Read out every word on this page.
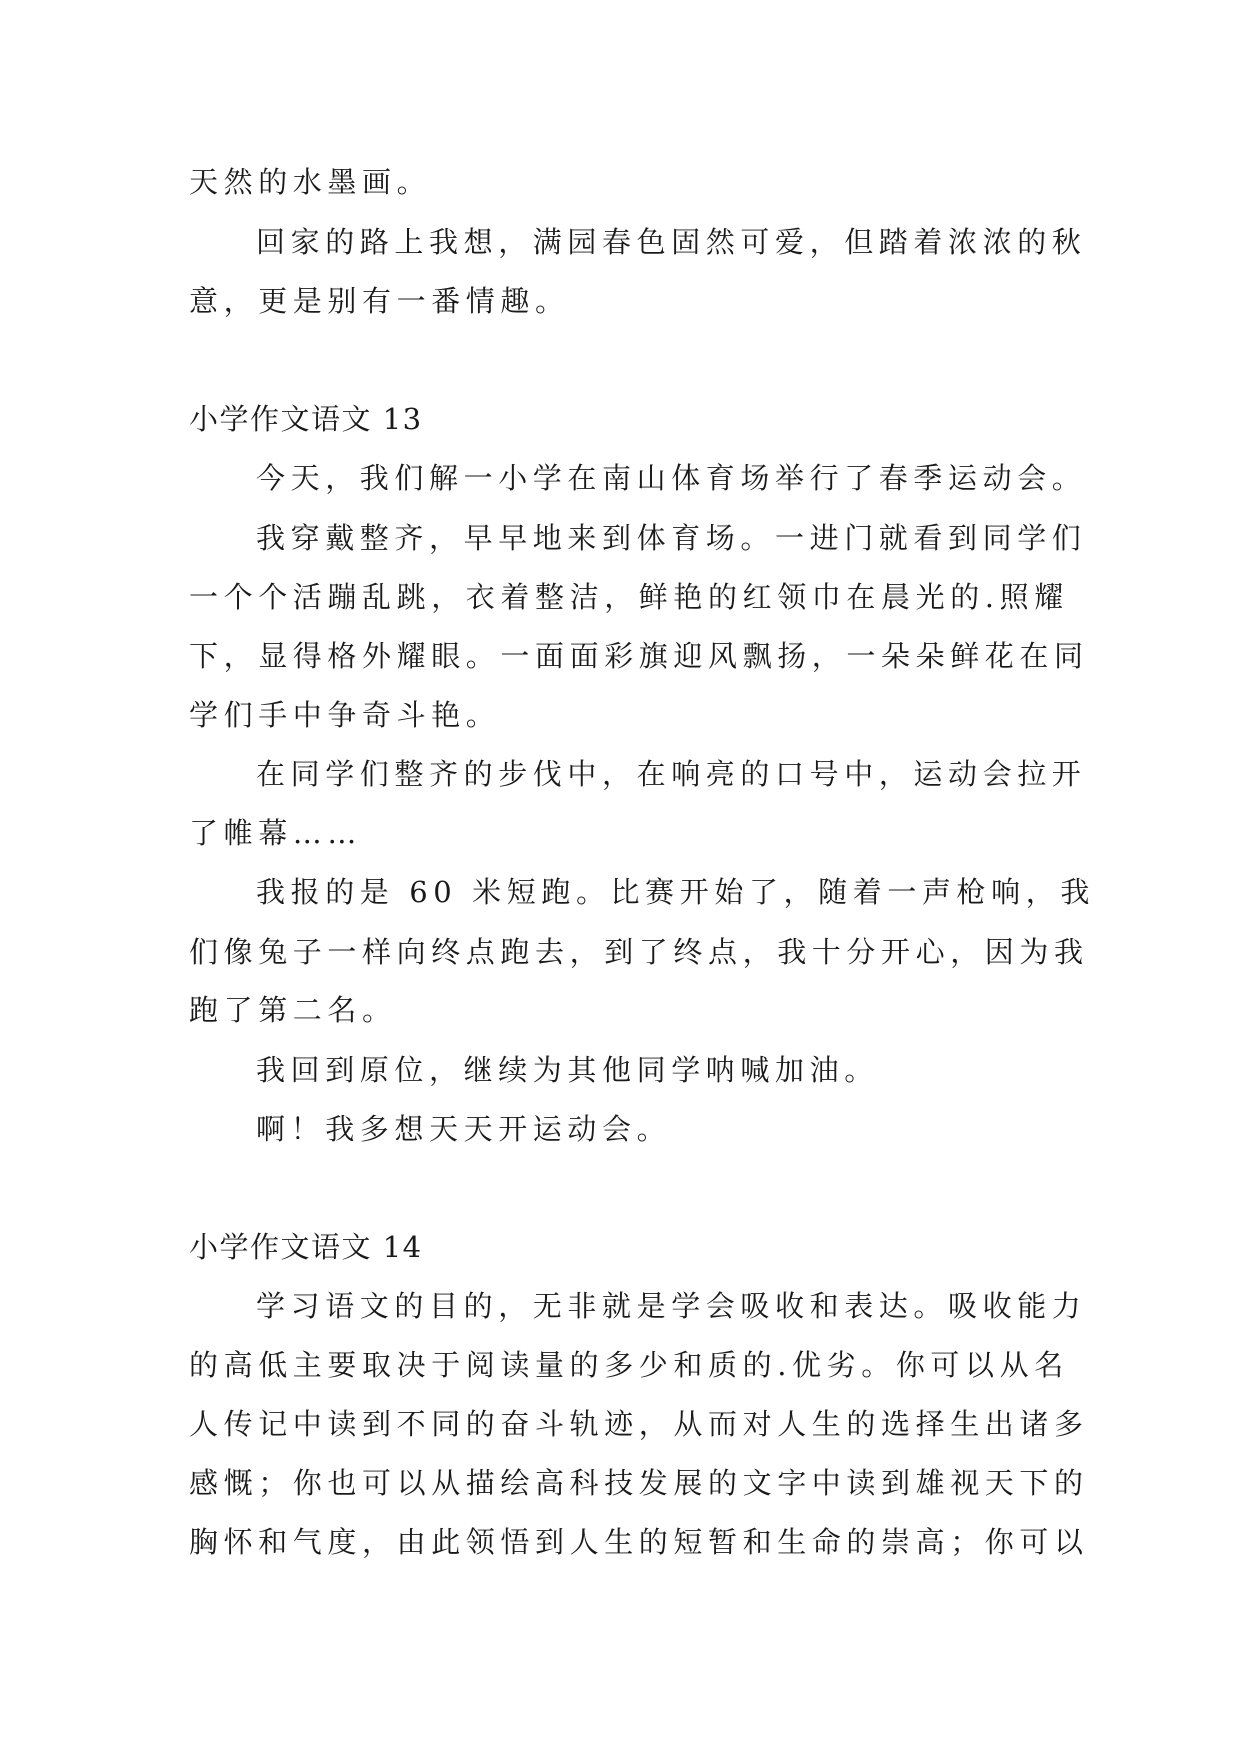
天然的水墨画。
回家的路上我想，满园春色固然可爱，但踏着浓浓的秋
意，更是别有一番情趣。
小学作文语文 13
今天，我们解一小学在南山体育场举行了春季运动会。
我穿戴整齐，早早地来到体育场。一进门就看到同学们
一个个活蹦乱跳，衣着整洁，鲜艳的红领巾在晨光的.照耀
下，显得格外耀眼。一面面彩旗迎风飘扬，一朵朵鲜花在同
学们手中争奇斗艳。
在同学们整齐的步伐中，在响亮的口号中，运动会拉开
了帷幕……
我报的是 60 米短跑。比赛开始了，随着一声枪响，我
们像兔子一样向终点跑去，到了终点，我十分开心，因为我
跑了第二名。
我回到原位，继续为其他同学呐喊加油。
啊！我多想天天开运动会。
小学作文语文 14
学习语文的目的，无非就是学会吸收和表达。吸收能力
的高低主要取决于阅读量的多少和质的.优劣。你可以从名
人传记中读到不同的奋斗轨迹，从而对人生的选择生出诸多
感慨；你也可以从描绘高科技发展的文字中读到雄视天下的
胸怀和气度，由此领悟到人生的短暂和生命的崇高；你可以
